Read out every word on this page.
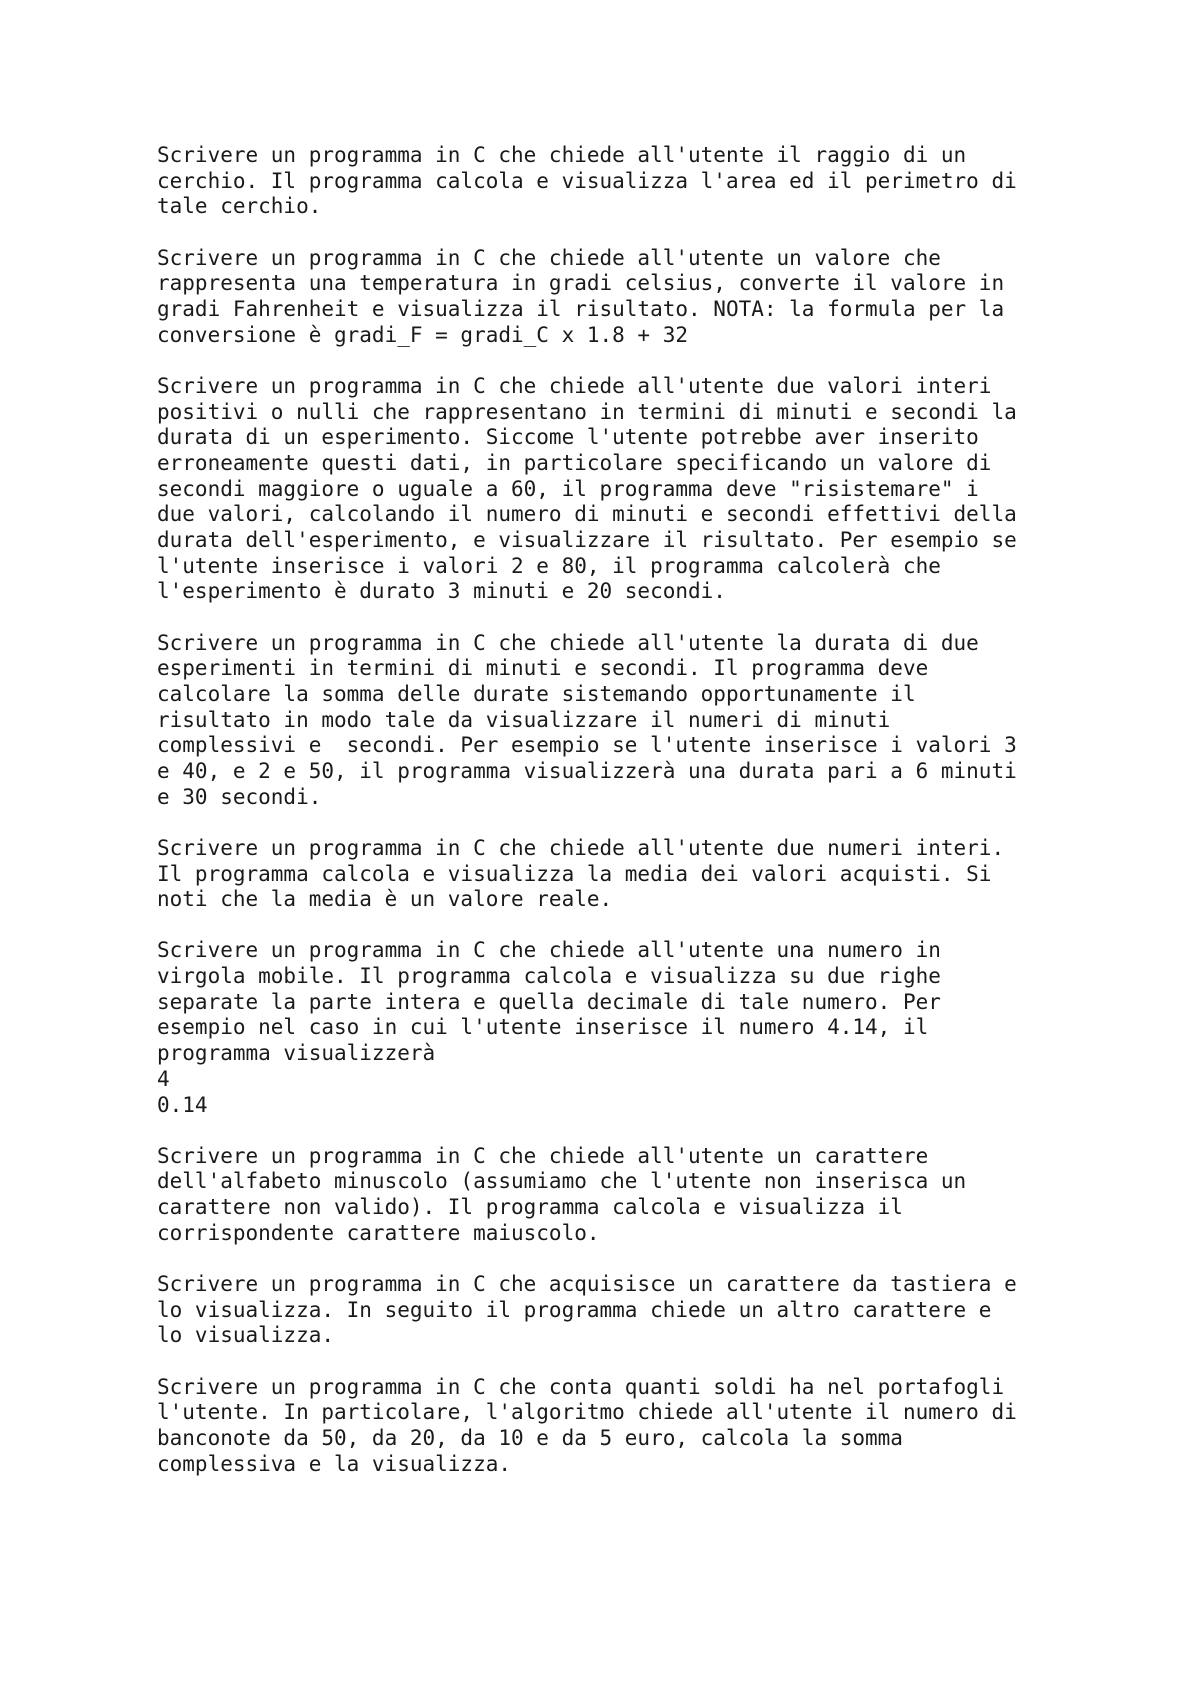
Scrivere un programma in C che chiede all'utente il raggio di un
cerchio. Il programma calcola e visualizza l'area ed il perimetro di
tale cerchio.
Scrivere un programma in C che chiede all'utente un valore che
rappresenta una temperatura in gradi celsius, converte il valore in
gradi Fahrenheit e visualizza il risultato. NOTA: la formula per la
conversione è gradi_F = gradi_C x 1.8 + 32
Scrivere un programma in C che chiede all'utente due valori interi
positivi o nulli che rappresentano in termini di minuti e secondi la
durata di un esperimento. Siccome l'utente potrebbe aver inserito
erroneamente questi dati, in particolare specificando un valore di
secondi maggiore o uguale a 60, il programma deve "risistemare" i
due valori, calcolando il numero di minuti e secondi effettivi della
durata dell'esperimento, e visualizzare il risultato. Per esempio se
l'utente inserisce i valori 2 e 80, il programma calcolerà che
l'esperimento è durato 3 minuti e 20 secondi.
Scrivere un programma in C che chiede all'utente la durata di due
esperimenti in termini di minuti e secondi. Il programma deve
calcolare la somma delle durate sistemando opportunamente il
risultato in modo tale da visualizzare il numeri di minuti
complessivi e  secondi. Per esempio se l'utente inserisce i valori 3
e 40, e 2 e 50, il programma visualizzerà una durata pari a 6 minuti
e 30 secondi.
Scrivere un programma in C che chiede all'utente due numeri interi.
Il programma calcola e visualizza la media dei valori acquisti. Si
noti che la media è un valore reale.
Scrivere un programma in C che chiede all'utente una numero in
virgola mobile. Il programma calcola e visualizza su due righe
separate la parte intera e quella decimale di tale numero. Per
esempio nel caso in cui l'utente inserisce il numero 4.14, il
programma visualizzerà
4
0.14
Scrivere un programma in C che chiede all'utente un carattere
dell'alfabeto minuscolo (assumiamo che l'utente non inserisca un
carattere non valido). Il programma calcola e visualizza il
corrispondente carattere maiuscolo.
Scrivere un programma in C che acquisisce un carattere da tastiera e
lo visualizza. In seguito il programma chiede un altro carattere e
lo visualizza.
Scrivere un programma in C che conta quanti soldi ha nel portafogli
l'utente. In particolare, l'algoritmo chiede all'utente il numero di
banconote da 50, da 20, da 10 e da 5 euro, calcola la somma
complessiva e la visualizza.
